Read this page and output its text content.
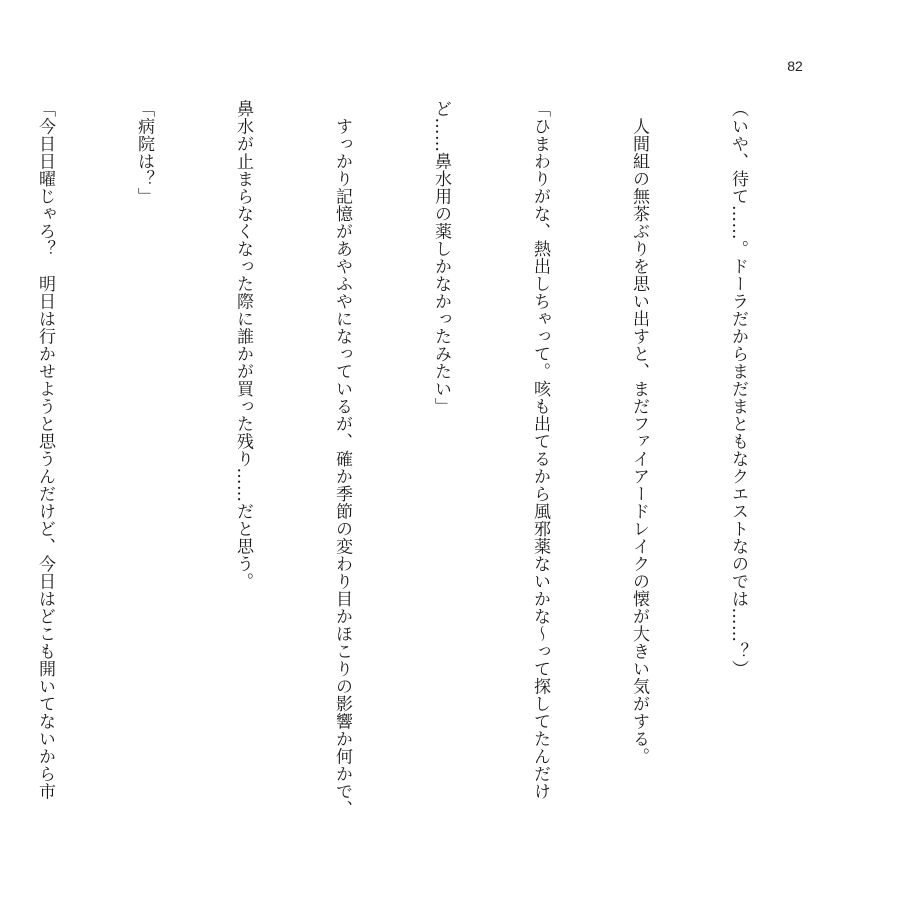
82

（いや、待て……。ドーラだからまだまともなクエストなのでは……？）

　人間組の無茶ぶりを思い出すと、まだファイアードレイクの懐が大きい気がする。

「ひまわりがな、熱出しちゃって。咳も出てるから風邪薬ないかな～って探してたんだけ

ど……鼻水用の薬しかなかったみたい」

　すっかり記憶があやふやになっているが、確か季節の変わり目かほこりの影響か何かで、

鼻水が止まらなくなった際に誰かが買った残り……だと思う。

「病院は？」

「今日日曜じゃろ？　明日は行かせようと思うんだけど、今日はどこも開いてないから市
